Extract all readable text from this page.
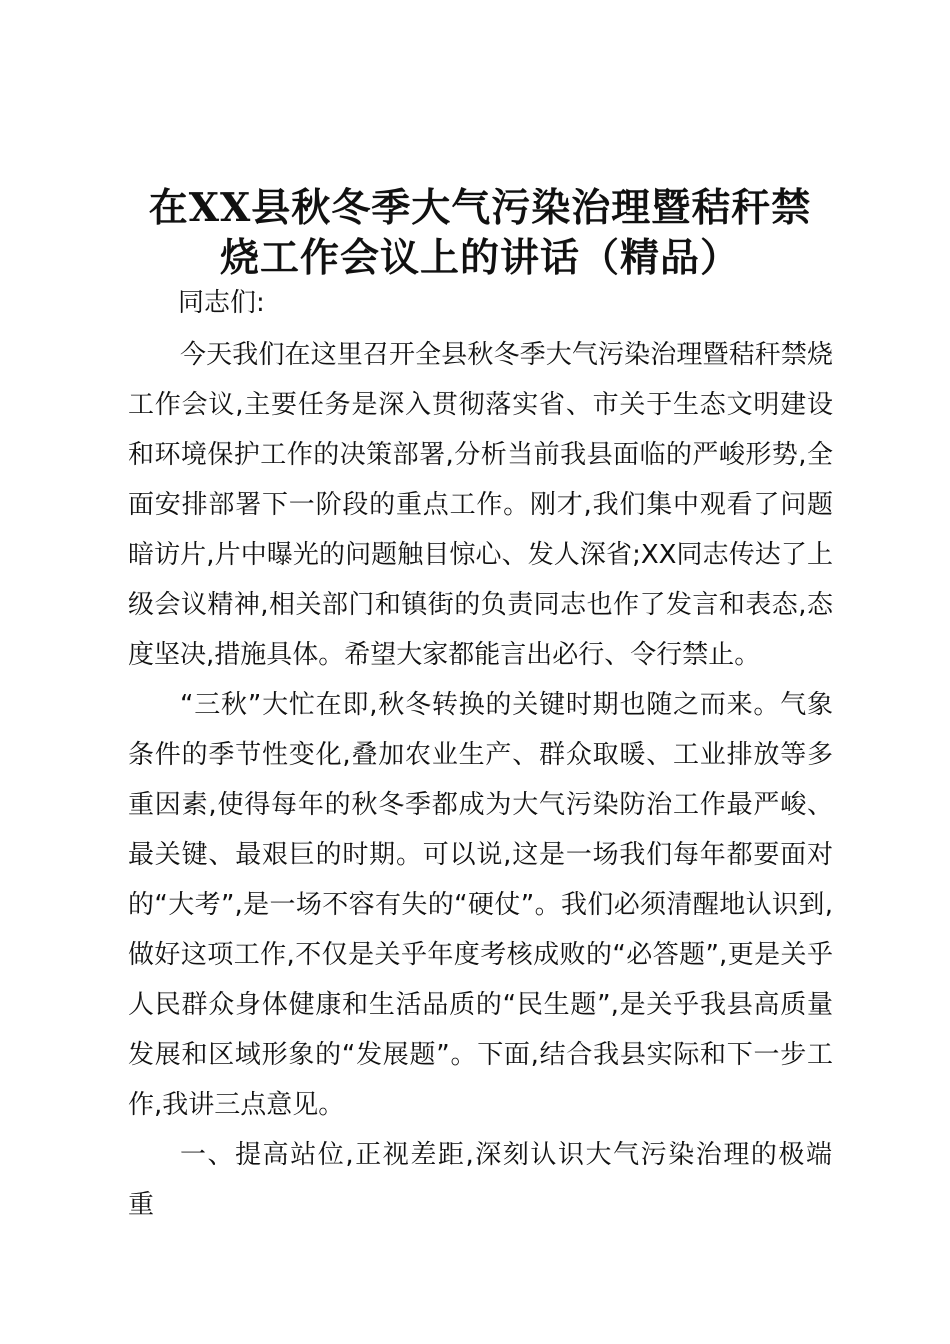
在XX县秋冬季大气污染治理暨秸秆禁
烧工作会议上的讲话（精品）

同志们:

今天我们在这里召开全县秋冬季大气污染治理暨秸秆禁烧工作会议,主要任务是深入贯彻落实省、市关于生态文明建设和环境保护工作的决策部署,分析当前我县面临的严峻形势,全面安排部署下一阶段的重点工作。刚才,我们集中观看了问题暗访片,片中曝光的问题触目惊心、发人深省;XX同志传达了上级会议精神,相关部门和镇街的负责同志也作了发言和表态,态度坚决,措施具体。希望大家都能言出必行、令行禁止。

“三秋”大忙在即,秋冬转换的关键时期也随之而来。气象条件的季节性变化,叠加农业生产、群众取暖、工业排放等多重因素,使得每年的秋冬季都成为大气污染防治工作最严峻、最关键、最艰巨的时期。可以说,这是一场我们每年都要面对的“大考”,是一场不容有失的“硬仗”。我们必须清醒地认识到,做好这项工作,不仅是关乎年度考核成败的“必答题”,更是关乎人民群众身体健康和生活品质的“民生题”,是关乎我县高质量发展和区域形象的“发展题”。下面,结合我县实际和下一步工作,我讲三点意见。

一、提高站位,正视差距,深刻认识大气污染治理的极端重
